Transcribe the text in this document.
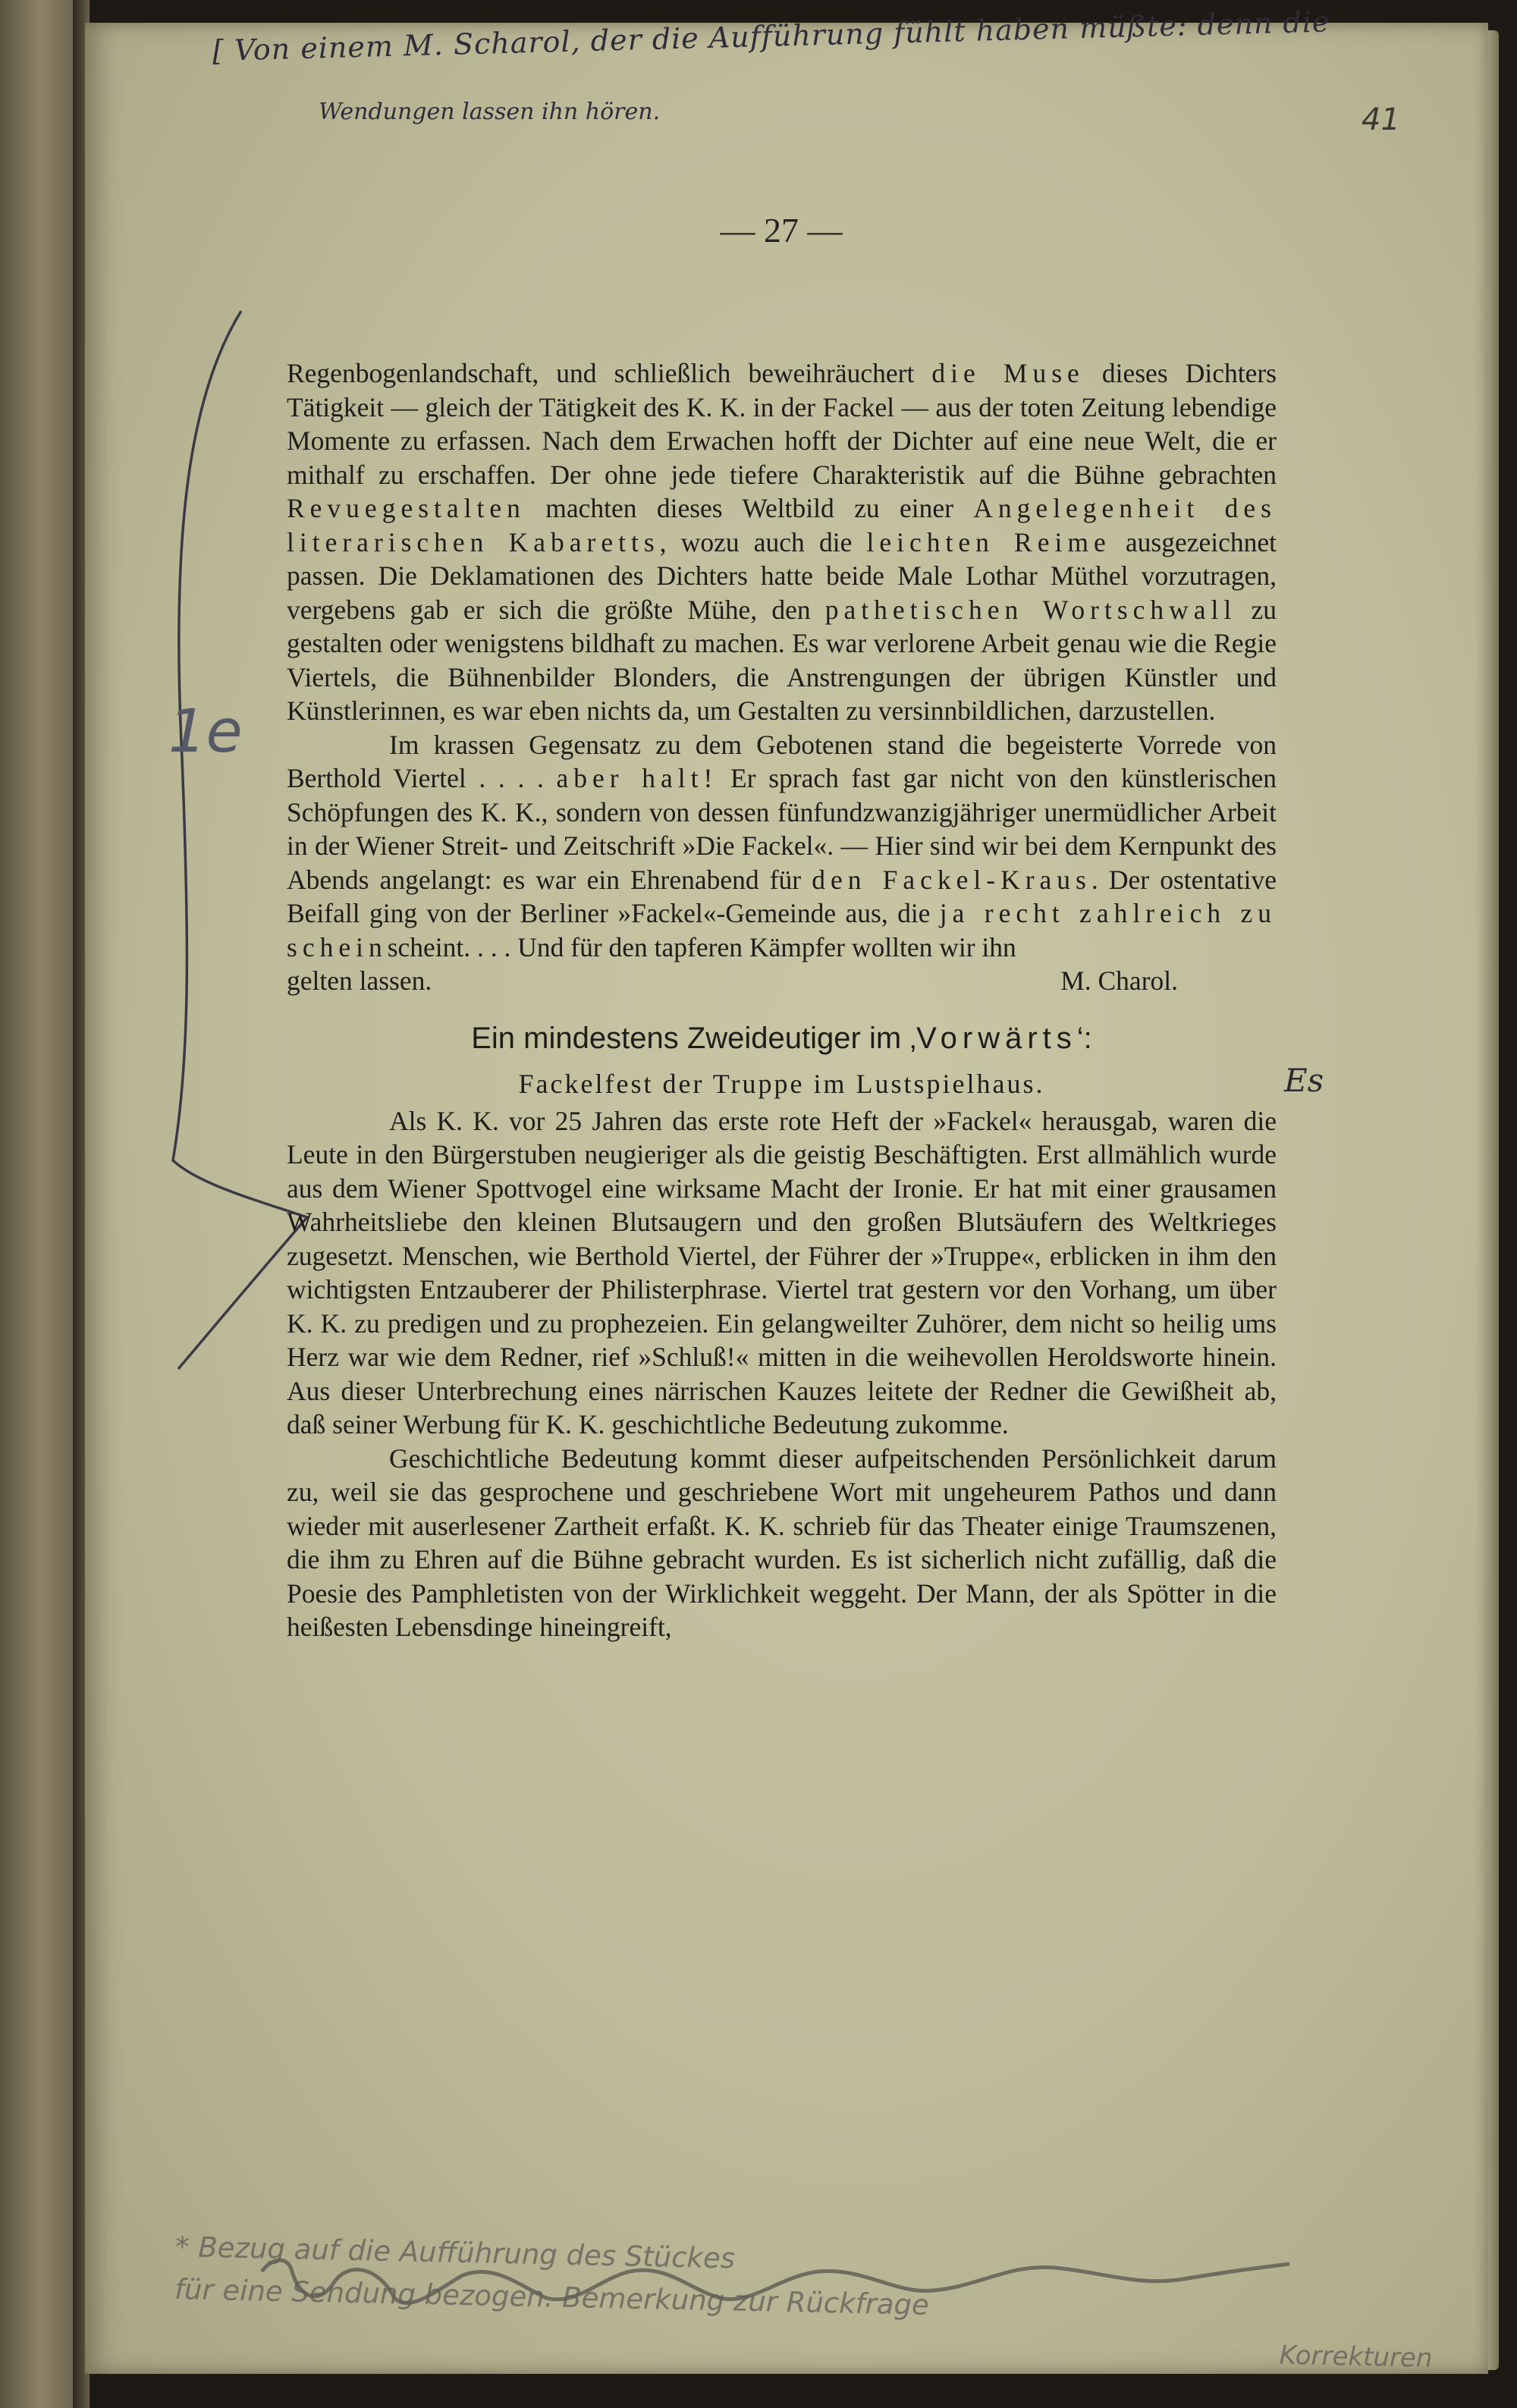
[ Von einem M. Scharol, der die Aufführung fühlt haben müßte: denn die
Wendungen lassen ihn hören.	41
— 27 —
1e
Es

Regenbogenlandschaft, und schließlich beweihräuchert die Muse dieses Dichters Tätigkeit — gleich der Tätigkeit des K. K. in der Fackel — aus der toten Zeitung lebendige Momente zu erfassen. Nach dem Erwachen hofft der Dichter auf eine neue Welt, die er mithalf zu erschaffen. Der ohne jede tiefere Charakteristik auf die Bühne gebrachten Revuegestalten machten dieses Weltbild zu einer Angelegenheit des literarischen Kabaretts, wozu auch die leichten Reime ausgezeichnet passen. Die Deklamationen des Dichters hatte beide Male Lothar Müthel vorzutragen, vergebens gab er sich die größte Mühe, den pathetischen Wortschwall zu gestalten oder wenigstens bildhaft zu machen. Es war verlorene Arbeit genau wie die Regie Viertels, die Bühnenbilder Blonders, die Anstrengungen der übrigen Künstler und Künstlerinnen, es war eben nichts da, um Gestalten zu versinnbildlichen, darzustellen.

Im krassen Gegensatz zu dem Gebotenen stand die begeisterte Vorrede von Berthold Viertel . . . . aber halt! Er sprach fast gar nicht von den künstlerischen Schöpfungen des K. K., sondern von dessen fünfundzwanzigjähriger unermüdlicher Arbeit in der Wiener Streit- und Zeitschrift »Die Fackel«. — Hier sind wir bei dem Kernpunkt des Abends angelangt: es war ein Ehrenabend für den Fackel-Kraus. Der ostentative Beifall ging von der Berliner »Fackel«-Gemeinde aus, die ja recht zahlreich zu scheinscheint. . . . Und für den tapferen Kämpfer wollten wir ihn

gelten lassen.	M. Charol.

Ein mindestens Zweideutiger im ‚Vorwärts‘:
Fackelfest der Truppe im Lustspielhaus.

Als K. K. vor 25 Jahren das erste rote Heft der »Fackel« herausgab, waren die Leute in den Bürgerstuben neugieriger als die geistig Beschäftigten. Erst allmählich wurde aus dem Wiener Spottvogel eine wirksame Macht der Ironie. Er hat mit einer grausamen Wahrheitsliebe den kleinen Blutsaugern und den großen Blutsäufern des Weltkrieges zugesetzt. Menschen, wie Berthold Viertel, der Führer der »Truppe«, erblicken in ihm den wichtigsten Entzauberer der Philisterphrase. Viertel trat gestern vor den Vorhang, um über K. K. zu predigen und zu prophezeien. Ein gelangweilter Zuhörer, dem nicht so heilig ums Herz war wie dem Redner, rief »Schluß!« mitten in die weihevollen Heroldsworte hinein. Aus dieser Unterbrechung eines närrischen Kauzes leitete der Redner die Gewißheit ab, daß seiner Werbung für K. K. geschichtliche Bedeutung zukomme.

Geschichtliche Bedeutung kommt dieser aufpeitschenden Persönlichkeit darum zu, weil sie das gesprochene und geschriebene Wort mit ungeheurem Pathos und dann wieder mit auserlesener Zartheit erfaßt. K. K. schrieb für das Theater einige Traumszenen, die ihm zu Ehren auf die Bühne gebracht wurden. Es ist sicherlich nicht zufällig, daß die Poesie des Pamphletisten von der Wirklichkeit weggeht. Der Mann, der als Spötter in die heißesten Lebensdinge hineingreift,

* Bezug auf die Aufführung des Stückes
für eine Sendung bezogen. Bemerkung zur Rückfrage
Korrekturen
